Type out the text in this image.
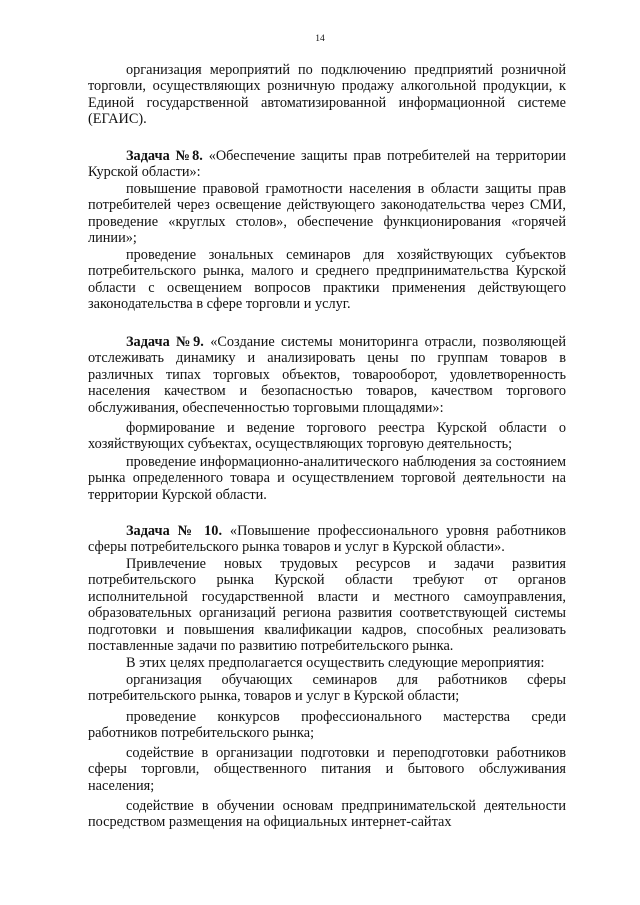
14
организация мероприятий по подключению предприятий розничной торговли, осуществляющих розничную продажу алкогольной продукции, к Единой государственной автоматизированной информационной системе (ЕГАИС).
Задача №8. «Обеспечение защиты прав потребителей на территории Курской области»:
повышение правовой грамотности населения в области защиты прав потребителей через освещение действующего законодательства через СМИ, проведение «круглых столов», обеспечение функционирования «горячей линии»;
проведение зональных семинаров для хозяйствующих субъектов потребительского рынка, малого и среднего предпринимательства Курской области с освещением вопросов практики применения действующего законодательства в сфере торговли и услуг.
Задача №9. «Создание системы мониторинга отрасли, позволяющей отслеживать динамику и анализировать цены по группам товаров в различных типах торговых объектов, товарооборот, удовлетворенность населения качеством и безопасностью товаров, качеством торгового обслуживания, обеспеченностью торговыми площадями»:
формирование и ведение торгового реестра Курской области о хозяйствующих субъектах, осуществляющих торговую деятельность;
проведение информационно-аналитического наблюдения за состоянием рынка определенного товара и осуществлением торговой деятельности на территории Курской области.
Задача № 10. «Повышение профессионального уровня работников сферы потребительского рынка товаров и услуг в Курской области».
Привлечение новых трудовых ресурсов и задачи развития потребительского рынка Курской области требуют от органов исполнительной государственной власти и местного самоуправления, образовательных организаций региона развития соответствующей системы подготовки и повышения квалификации кадров, способных реализовать поставленные задачи по развитию потребительского рынка.
В этих целях предполагается осуществить следующие мероприятия:
организация обучающих семинаров для работников сферы потребительского рынка, товаров и услуг в Курской области;
проведение конкурсов профессионального мастерства среди работников потребительского рынка;
содействие в организации подготовки и переподготовки работников сферы торговли, общественного питания и бытового обслуживания населения;
содействие в обучении основам предпринимательской деятельности посредством размещения на официальных интернет-сайтах
